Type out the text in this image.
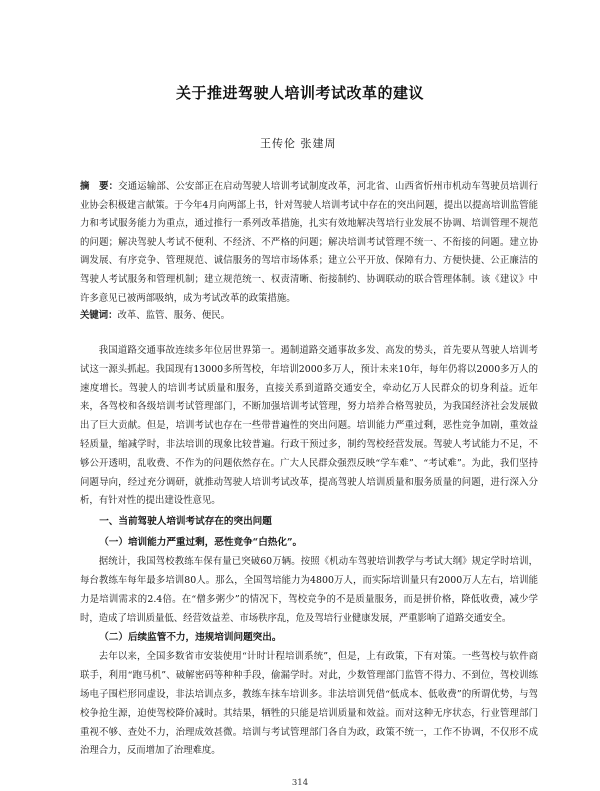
关于推进驾驶人培训考试改革的建议
王传伦 张建周
摘　要：交通运输部、公安部正在启动驾驶人培训考试制度改革，河北省、山西省忻州市机动车驾驶员培训行业协会积极建言献策。于今年4月向两部上书，针对驾驶人培训考试中存在的突出问题，提出以提高培训监管能力和考试服务能力为重点，通过推行一系列改革措施，扎实有效地解决驾培行业发展不协调、培训管理不规范的问题；解决驾驶人考试不便利、不经济、不严格的问题；解决培训考试管理不统一、不衔接的问题。建立协调发展、有序竞争、管理规范、诚信服务的驾培市场体系；建立公平开放、保障有力、方便快捷、公正廉洁的驾驶人考试服务和管理机制；建立规范统一、权责清晰、衔接制约、协调联动的联合管理体制。该《建议》中许多意见已被两部吸纳，成为考试改革的政策措施。
关键词：改革、监管、服务、便民。

我国道路交通事故连续多年位居世界第一。遏制道路交通事故多发、高发的势头，首先要从驾驶人培训考试这一源头抓起。我国现有13000多所驾校，年培训2000多万人，预计未来10年，每年仍将以2000多万人的速度增长。驾驶人的培训考试质量和服务，直接关系到道路交通安全，牵动亿万人民群众的切身利益。近年来，各驾校和各级培训考试管理部门，不断加强培训考试管理，努力培养合格驾驶员，为我国经济社会发展做出了巨大贡献。但是，培训考试也存在一些带普遍性的突出问题。培训能力严重过剩，恶性竞争加剧，重效益轻质量，缩减学时，非法培训的现象比较普遍。行政干预过多，制约驾校经营发展。驾驶人考试能力不足，不够公开透明，乱收费、不作为的问题依然存在。广大人民群众强烈反映“学车难”、“考试难”。为此，我们坚持问题导向，经过充分调研，就推动驾驶人培训考试改革，提高驾驶人培训质量和服务质量的问题，进行深入分析，有针对性的提出建设性意见。

一、当前驾驶人培训考试存在的突出问题
（一）培训能力严重过剩，恶性竞争“白热化”。

据统计，我国驾校教练车保有量已突破60万辆。按照《机动车驾驶培训教学与考试大纲》规定学时培训，每台教练车每年最多培训80人。那么，全国驾培能力为4800万人，而实际培训量只有2000万人左右，培训能力是培训需求的2.4倍。在“僧多粥少”的情况下，驾校竞争的不是质量服务，而是拼价格，降低收费，减少学时，造成了培训质量低、经营效益差、市场秩序乱，危及驾培行业健康发展，严重影响了道路交通安全。

（二）后续监管不力，违规培训问题突出。

去年以来，全国多数省市安装使用“计时计程培训系统”，但是，上有政策，下有对策。一些驾校与软件商联手，利用“跑马机”、破解密码等种种手段，偷漏学时。对此，少数管理部门监管不得力、不到位，驾校训练场电子围栏形同虚设，非法培训点多，教练车抹车培训多。非法培训凭借“低成本、低收费”的所谓优势，与驾校争抢生源，迫使驾校降价减时。其结果，牺牲的只能是培训质量和效益。而对这种无序状态，行业管理部门重视不够、查处不力，治理成效甚微。培训与考试管理部门各自为政，政策不统一，工作不协调，不仅形不成治理合力，反而增加了治理难度。

314
